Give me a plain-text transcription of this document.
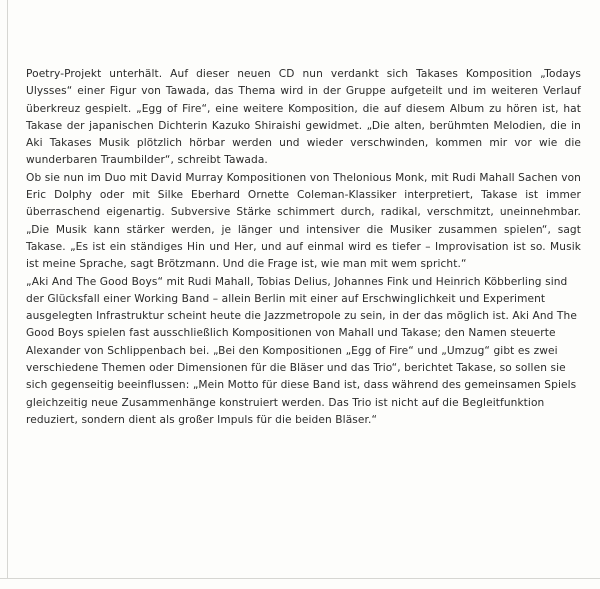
Poetry-Projekt unterhält. Auf dieser neuen CD nun verdankt sich Takases Komposition „Todays Ulysses“ einer Figur von Tawada, das Thema wird in der Gruppe aufgeteilt und im weiteren Verlauf überkreuz gespielt. „Egg of Fire“, eine weitere Komposition, die auf diesem Album zu hören ist, hat Takase der japanischen Dichterin Kazuko Shiraishi gewidmet. „Die alten, berühmten Melodien, die in Aki Takases Musik plötzlich hörbar werden und wieder verschwinden, kommen mir vor wie die wunderbaren Traumbilder“, schreibt Tawada.

Ob sie nun im Duo mit David Murray Kompositionen von Thelonious Monk, mit Rudi Mahall Sachen von Eric Dolphy oder mit Silke Eberhard Ornette Coleman-Klassiker interpretiert, Takase ist immer überraschend eigenartig. Subversive Stärke schimmert durch, radikal, verschmitzt, uneinnehmbar. „Die Musik kann stärker werden, je länger und intensiver die Musiker zusammen spielen“, sagt Takase. „Es ist ein ständiges Hin und Her, und auf einmal wird es tiefer – Improvisation ist so. Musik ist meine Sprache, sagt Brötzmann. Und die Frage ist, wie man mit wem spricht.“

„Aki And The Good Boys“ mit Rudi Mahall, Tobias Delius, Johannes Fink und Heinrich Köbberling sind der Glücksfall einer Working Band – allein Berlin mit einer auf Erschwinglichkeit und Experiment ausgelegten Infrastruktur scheint heute die Jazzmetropole zu sein, in der das möglich ist. Aki And The Good Boys spielen fast ausschließlich Kompositionen von Mahall und Takase; den Namen steuerte Alexander von Schlippenbach bei. „Bei den Kompositionen „Egg of Fire“ und „Umzug“ gibt es zwei verschiedene Themen oder Dimensionen für die Bläser und das Trio“, berichtet Takase, so sollen sie sich gegenseitig beeinflussen: „Mein Motto für diese Band ist, dass während des gemeinsamen Spiels gleichzeitig neue Zusammenhänge konstruiert werden. Das Trio ist nicht auf die Begleitfunktion reduziert, sondern dient als großer Impuls für die beiden Bläser.“
